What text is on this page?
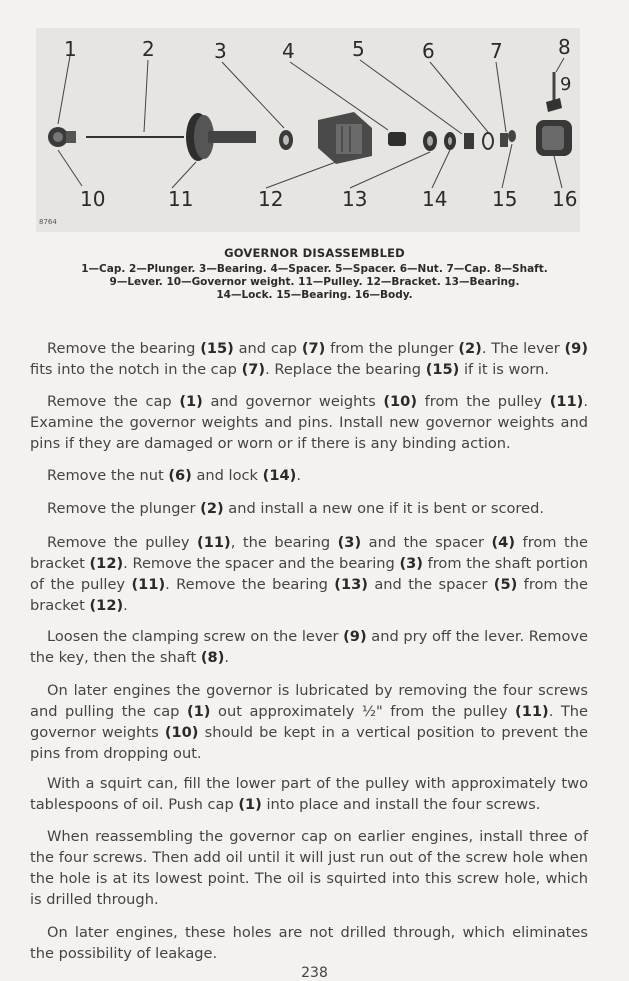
1	2	3	4	5	6	7	8
9
10	11	12	13	14 15 16
8764
GOVERNOR DISASSEMBLED
1—Cap. 2—Plunger. 3—Bearing. 4—Spacer. 5—Spacer. 6—Nut. 7—Cap. 8—Shaft.
9—Lever. 10—Governor weight. 11—Pulley. 12—Bracket. 13—Bearing.
14—Lock. 15—Bearing. 16—Body.

Remove the bearing (15) and cap (7) from the plunger (2). The lever (9) fits into the notch in the cap (7). Replace the bearing (15) if it is worn.

Remove the cap (1) and governor weights (10) from the pulley (11). Examine the governor weights and pins. Install new governor weights and pins if they are damaged or worn or if there is any binding action.

Remove the nut (6) and lock (14).

Remove the plunger (2) and install a new one if it is bent or scored.

Remove the pulley (11), the bearing (3) and the spacer (4) from the bracket (12). Remove the spacer and the bearing (3) from the shaft portion of the pulley (11). Remove the bearing (13) and the spacer (5) from the bracket (12).

Loosen the clamping screw on the lever (9) and pry off the lever. Remove the key, then the shaft (8).

On later engines the governor is lubricated by removing the four screws and pulling the cap (1) out approximately ½" from the pulley (11). The governor weights (10) should be kept in a vertical position to prevent the pins from dropping out.

With a squirt can, fill the lower part of the pulley with approximately two tablespoons of oil. Push cap (1) into place and install the four screws.

When reassembling the governor cap on earlier engines, install three of the four screws. Then add oil until it will just run out of the screw hole when the hole is at its lowest point. The oil is squirted into this screw hole, which is drilled through.

On later engines, these holes are not drilled through, which eliminates the possibility of leakage.

238
